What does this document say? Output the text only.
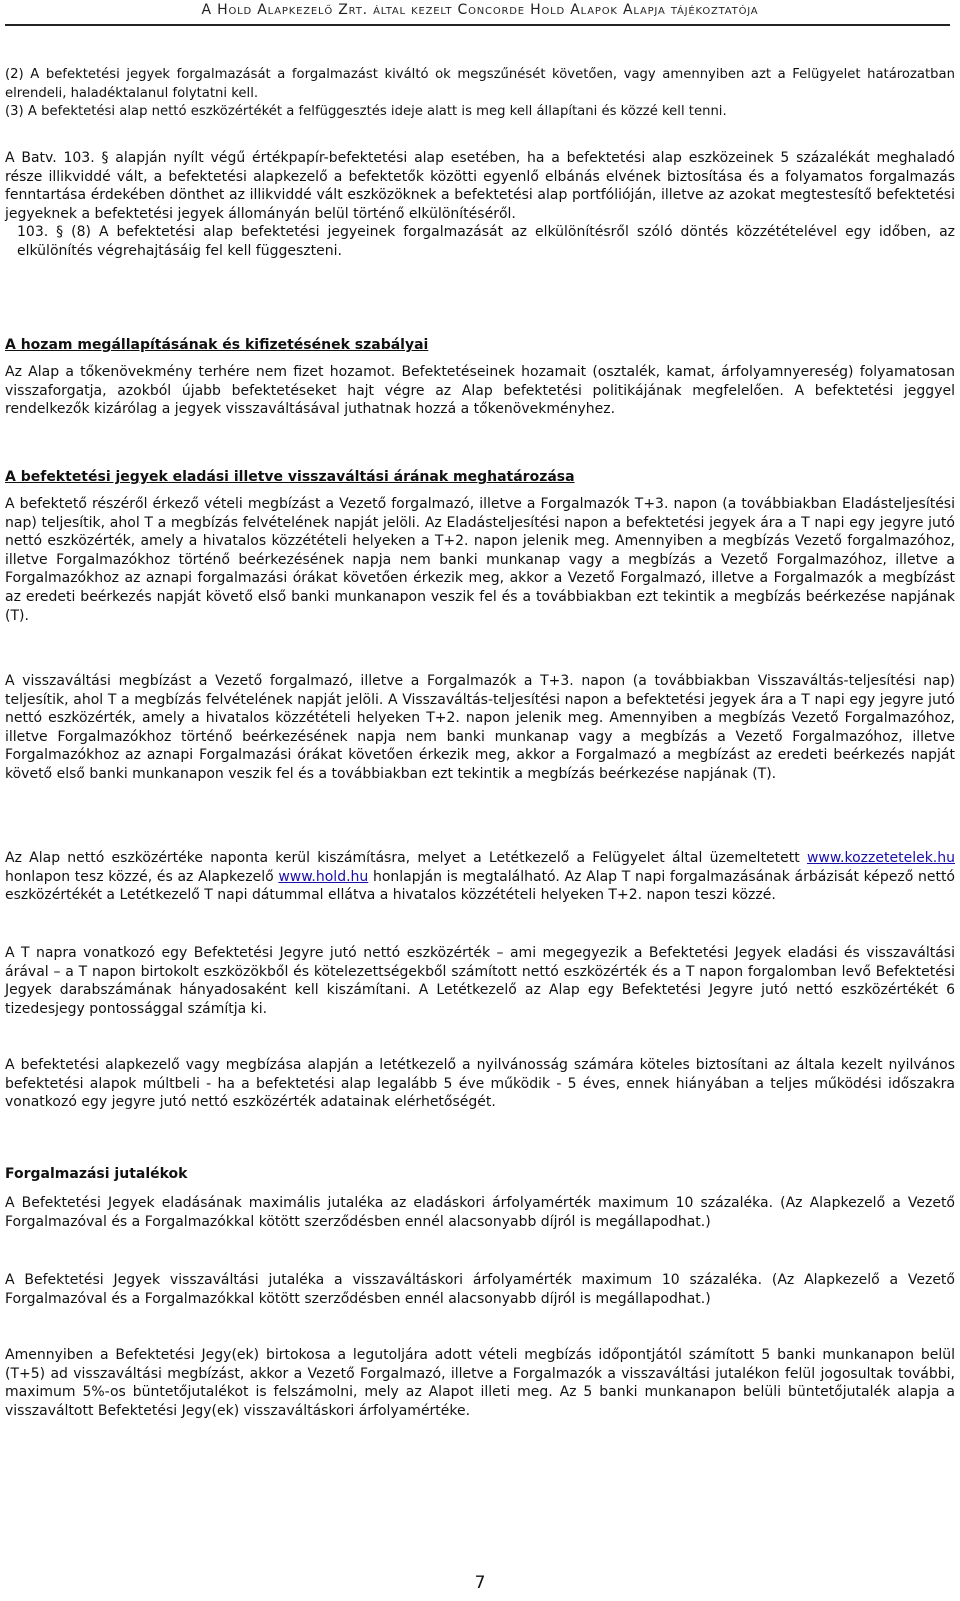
A Hold Alapkezelő Zrt. által kezelt Concorde Hold Alapok Alapja tájékoztatója

(2) A befektetési jegyek forgalmazását a forgalmazást kiváltó ok megszűnését követően, vagy amennyiben azt a Felügyelet határozatban elrendeli, haladéktalanul folytatni kell.

(3) A befektetési alap nettó eszközértékét a felfüggesztés ideje alatt is meg kell állapítani és közzé kell tenni.

A Batv. 103. § alapján nyílt végű értékpapír-befektetési alap esetében, ha a befektetési alap eszközeinek 5 százalékát meghaladó része illikviddé vált, a befektetési alapkezelő a befektetők közötti egyenlő elbánás elvének biztosítása és a folyamatos forgalmazás fenntartása érdekében dönthet az illikviddé vált eszközöknek a befektetési alap portfólióján, illetve az azokat megtestesítő befektetési jegyeknek a befektetési jegyek állományán belül történő elkülönítéséről.

103. § (8) A befektetési alap befektetési jegyeinek forgalmazását az elkülönítésről szóló döntés közzétételével egy időben, az elkülönítés végrehajtásáig fel kell függeszteni.

A hozam megállapításának és kifizetésének szabályai

Az Alap a tőkenövekmény terhére nem fizet hozamot. Befektetéseinek hozamait (osztalék, kamat, árfolyamnyereség) folyamatosan visszaforgatja, azokból újabb befektetéseket hajt végre az Alap befektetési politikájának megfelelően. A befektetési jeggyel rendelkezők kizárólag a jegyek visszaváltásával juthatnak hozzá a tőkenövekményhez.

A befektetési jegyek eladási illetve visszaváltási árának meghatározása

A befektető részéről érkező vételi megbízást a Vezető forgalmazó, illetve a Forgalmazók T+3. napon (a továbbiakban Eladásteljesítési nap) teljesítik, ahol T a megbízás felvételének napját jelöli. Az Eladásteljesítési napon a befektetési jegyek ára a T napi egy jegyre jutó nettó eszközérték, amely a hivatalos közzétételi helyeken a T+2. napon jelenik meg. Amennyiben a megbízás Vezető forgalmazóhoz, illetve Forgalmazókhoz történő beérkezésének napja nem banki munkanap vagy a megbízás a Vezető Forgalmazóhoz, illetve a Forgalmazókhoz az aznapi forgalmazási órákat követően érkezik meg, akkor a Vezető Forgalmazó, illetve a Forgalmazók a megbízást az eredeti beérkezés napját követő első banki munkanapon veszik fel és a továbbiakban ezt tekintik a megbízás beérkezése napjának (T).

A visszaváltási megbízást a Vezető forgalmazó, illetve a Forgalmazók a T+3. napon (a továbbiakban Visszaváltás-teljesítési nap) teljesítik, ahol T a megbízás felvételének napját jelöli. A Visszaváltás-teljesítési napon a befektetési jegyek ára a T napi egy jegyre jutó nettó eszközérték, amely a hivatalos közzétételi helyeken T+2. napon jelenik meg. Amennyiben a megbízás Vezető Forgalmazóhoz, illetve Forgalmazókhoz történő beérkezésének napja nem banki munkanap vagy a megbízás a Vezető Forgalmazóhoz, illetve Forgalmazókhoz az aznapi Forgalmazási órákat követően érkezik meg, akkor a Forgalmazó a megbízást az eredeti beérkezés napját követő első banki munkanapon veszik fel és a továbbiakban ezt tekintik a megbízás beérkezése napjának (T).

Az Alap nettó eszközértéke naponta kerül kiszámításra, melyet a Letétkezelő a Felügyelet által üzemeltetett www.kozzetetelek.hu honlapon tesz közzé, és az Alapkezelő www.hold.hu honlapján is megtalálható. Az Alap T napi forgalmazásának árbázisát képező nettó eszközértékét a Letétkezelő T napi dátummal ellátva a hivatalos közzétételi helyeken T+2. napon teszi közzé.

A T napra vonatkozó egy Befektetési Jegyre jutó nettó eszközérték – ami megegyezik a Befektetési Jegyek eladási és visszaváltási árával – a T napon birtokolt eszközökből és kötelezettségekből számított nettó eszközérték és a T napon forgalomban levő Befektetési Jegyek darabszámának hányadosaként kell kiszámítani. A Letétkezelő az Alap egy Befektetési Jegyre jutó nettó eszközértékét 6 tizedesjegy pontossággal számítja ki.

A befektetési alapkezelő vagy megbízása alapján a letétkezelő a nyilvánosság számára köteles biztosítani az általa kezelt nyilvános befektetési alapok múltbeli - ha a befektetési alap legalább 5 éve működik - 5 éves, ennek hiányában a teljes működési időszakra vonatkozó egy jegyre jutó nettó eszközérték adatainak elérhetőségét.

Forgalmazási jutalékok

A Befektetési Jegyek eladásának maximális jutaléka az eladáskori árfolyamérték maximum 10 százaléka. (Az Alapkezelő a Vezető Forgalmazóval és a Forgalmazókkal kötött szerződésben ennél alacsonyabb díjról is megállapodhat.)

A Befektetési Jegyek visszaváltási jutaléka a visszaváltáskori árfolyamérték maximum 10 százaléka. (Az Alapkezelő a Vezető Forgalmazóval és a Forgalmazókkal kötött szerződésben ennél alacsonyabb díjról is megállapodhat.)

Amennyiben a Befektetési Jegy(ek) birtokosa a legutoljára adott vételi megbízás időpontjától számított 5 banki munkanapon belül (T+5) ad visszaváltási megbízást, akkor a Vezető Forgalmazó, illetve a Forgalmazók a visszaváltási jutalékon felül jogosultak további, maximum 5%-os büntetőjutalékot is felszámolni, mely az Alapot illeti meg. Az 5 banki munkanapon belüli büntetőjutalék alapja a visszaváltott Befektetési Jegy(ek) visszaváltáskori árfolyamértéke.

7
